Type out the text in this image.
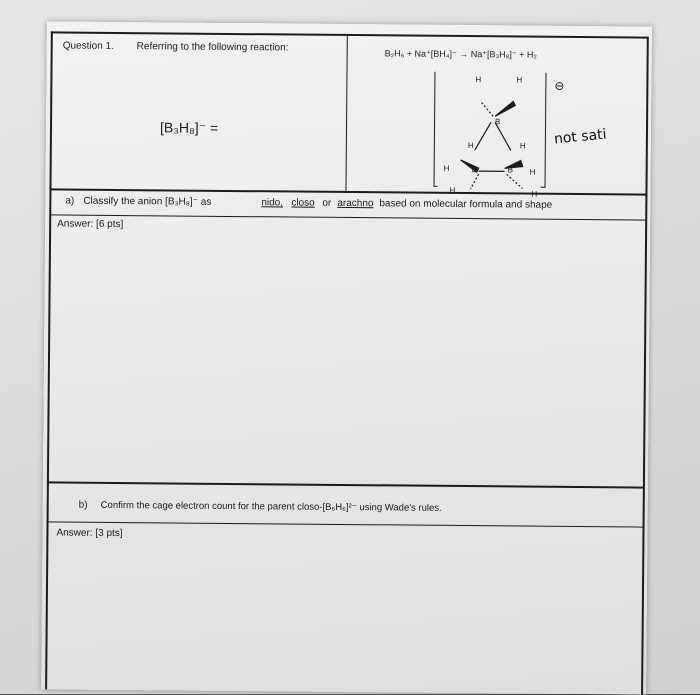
Question 1. Referring to the following reaction:
B₂H₆ + Na⁺[BH₄]⁻ → Na⁺[B₃H₈]⁻ + H₂
[B₃H₈]⁻ =
H	H
B
H	H
H	B	B H
H	H
⊖
not sati
a) Classify the anion [B₃H₈]⁻ as	nido, closo or arachno based on molecular formula and shape
Answer: [6 pts]
b) Confirm the cage electron count for the parent closo-[B₆H₆]²⁻ using Wade's rules.
Answer: [3 pts]
